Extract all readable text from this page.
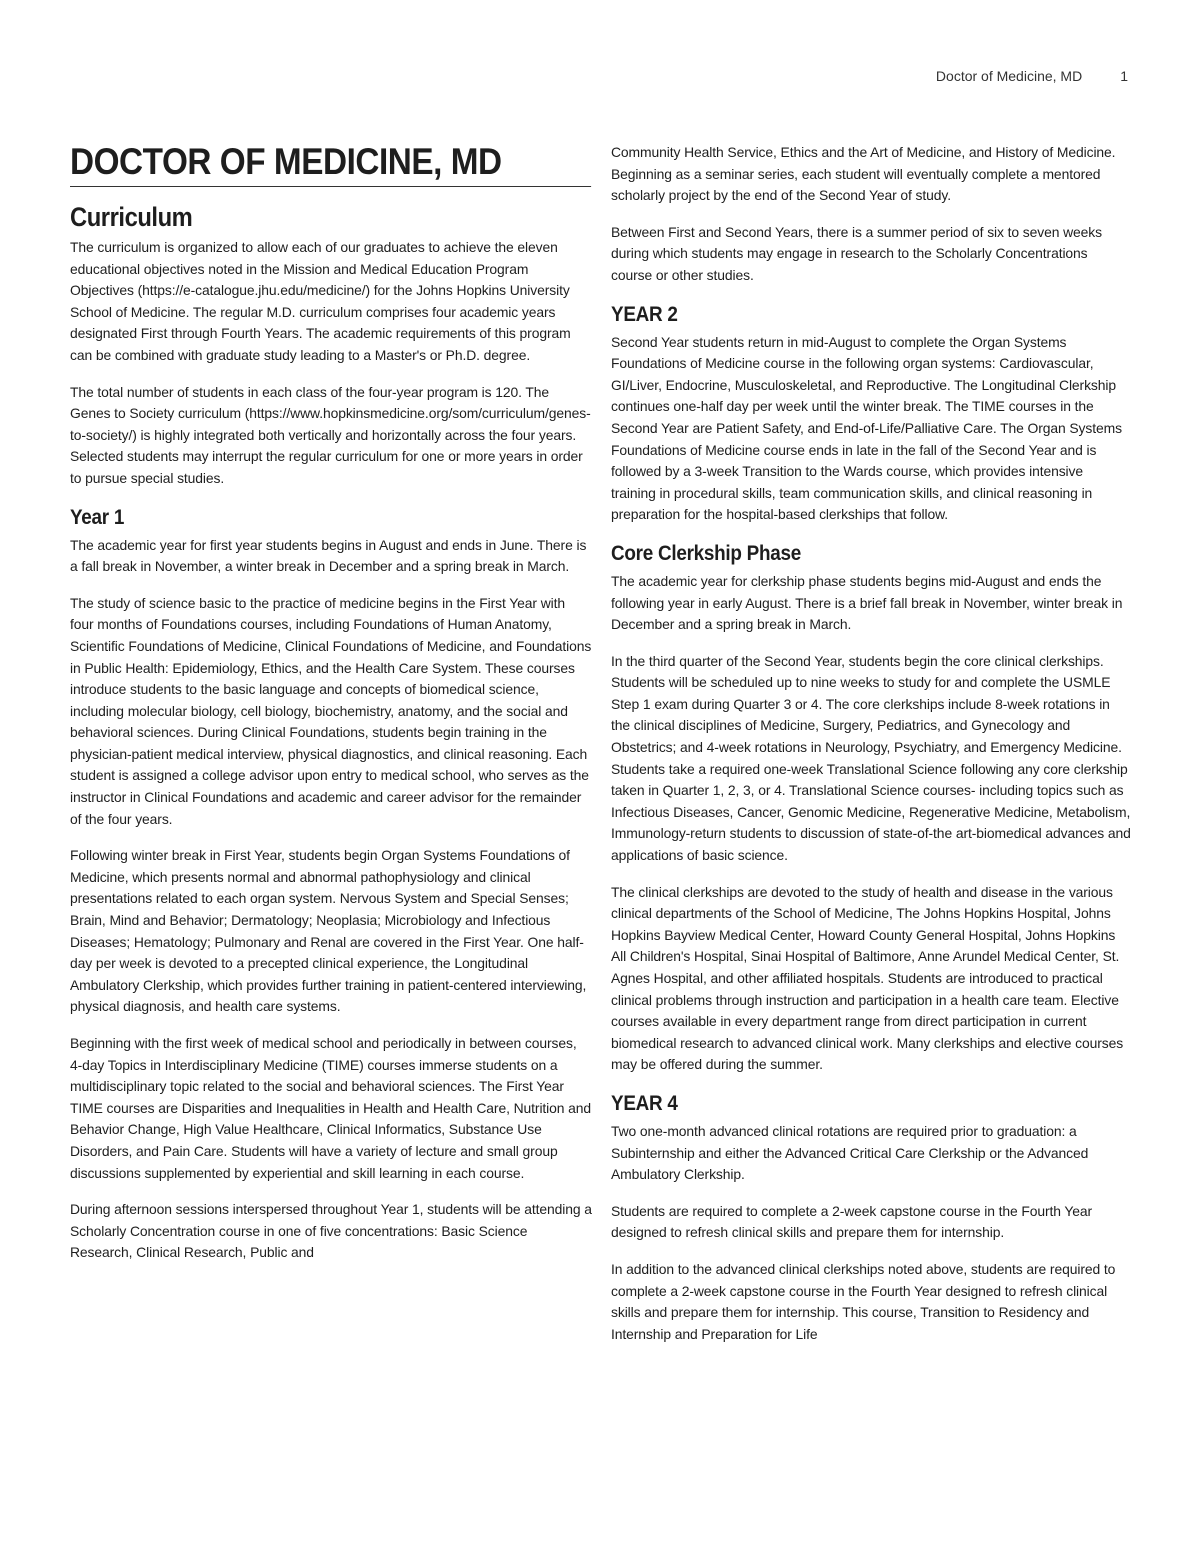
Doctor of Medicine, MD	1
DOCTOR OF MEDICINE, MD
Curriculum

The curriculum is organized to allow each of our graduates to achieve the eleven educational objectives noted in the Mission and Medical Education Program Objectives (https://e-catalogue.jhu.edu/medicine/) for the Johns Hopkins University School of Medicine. The regular M.D. curriculum comprises four academic years designated First through Fourth Years. The academic requirements of this program can be combined with graduate study leading to a Master's or Ph.D. degree.

The total number of students in each class of the four-year program is 120. The Genes to Society curriculum (https://www.hopkinsmedicine.org/som/curriculum/genes-to-society/) is highly integrated both vertically and horizontally across the four years. Selected students may interrupt the regular curriculum for one or more years in order to pursue special studies.

Year 1

The academic year for first year students begins in August and ends in June. There is a fall break in November, a winter break in December and a spring break in March.

The study of science basic to the practice of medicine begins in the First Year with four months of Foundations courses, including Foundations of Human Anatomy, Scientific Foundations of Medicine, Clinical Foundations of Medicine, and Foundations in Public Health: Epidemiology, Ethics, and the Health Care System. These courses introduce students to the basic language and concepts of biomedical science, including molecular biology, cell biology, biochemistry, anatomy, and the social and behavioral sciences. During Clinical Foundations, students begin training in the physician-patient medical interview, physical diagnostics, and clinical reasoning. Each student is assigned a college advisor upon entry to medical school, who serves as the instructor in Clinical Foundations and academic and career advisor for the remainder of the four years.

Following winter break in First Year, students begin Organ Systems Foundations of Medicine, which presents normal and abnormal pathophysiology and clinical presentations related to each organ system. Nervous System and Special Senses; Brain, Mind and Behavior; Dermatology; Neoplasia; Microbiology and Infectious Diseases; Hematology; Pulmonary and Renal are covered in the First Year. One half-day per week is devoted to a precepted clinical experience, the Longitudinal Ambulatory Clerkship, which provides further training in patient-centered interviewing, physical diagnosis, and health care systems.

Beginning with the first week of medical school and periodically in between courses, 4-day Topics in Interdisciplinary Medicine (TIME) courses immerse students on a multidisciplinary topic related to the social and behavioral sciences. The First Year TIME courses are Disparities and Inequalities in Health and Health Care, Nutrition and Behavior Change, High Value Healthcare, Clinical Informatics, Substance Use Disorders, and Pain Care. Students will have a variety of lecture and small group discussions supplemented by experiential and skill learning in each course.

During afternoon sessions interspersed throughout Year 1, students will be attending a Scholarly Concentration course in one of five concentrations: Basic Science Research, Clinical Research, Public and

Community Health Service, Ethics and the Art of Medicine, and History of Medicine. Beginning as a seminar series, each student will eventually complete a mentored scholarly project by the end of the Second Year of study.

Between First and Second Years, there is a summer period of six to seven weeks during which students may engage in research to the Scholarly Concentrations course or other studies.

YEAR 2

Second Year students return in mid-August to complete the Organ Systems Foundations of Medicine course in the following organ systems: Cardiovascular, GI/Liver, Endocrine, Musculoskeletal, and Reproductive. The Longitudinal Clerkship continues one-half day per week until the winter break. The TIME courses in the Second Year are Patient Safety, and End-of-Life/Palliative Care. The Organ Systems Foundations of Medicine course ends in late in the fall of the Second Year and is followed by a 3-week Transition to the Wards course, which provides intensive training in procedural skills, team communication skills, and clinical reasoning in preparation for the hospital-based clerkships that follow.

Core Clerkship Phase

The academic year for clerkship phase students begins mid-August and ends the following year in early August. There is a brief fall break in November, winter break in December and a spring break in March.

In the third quarter of the Second Year, students begin the core clinical clerkships. Students will be scheduled up to nine weeks to study for and complete the USMLE Step 1 exam during Quarter 3 or 4. The core clerkships include 8-week rotations in the clinical disciplines of Medicine, Surgery, Pediatrics, and Gynecology and Obstetrics; and 4-week rotations in Neurology, Psychiatry, and Emergency Medicine. Students take a required one-week Translational Science following any core clerkship taken in Quarter 1, 2, 3, or 4. Translational Science courses- including topics such as Infectious Diseases, Cancer, Genomic Medicine, Regenerative Medicine, Metabolism, Immunology-return students to discussion of state-of-the art-biomedical advances and applications of basic science.

The clinical clerkships are devoted to the study of health and disease in the various clinical departments of the School of Medicine, The Johns Hopkins Hospital, Johns Hopkins Bayview Medical Center, Howard County General Hospital, Johns Hopkins All Children's Hospital, Sinai Hospital of Baltimore, Anne Arundel Medical Center, St. Agnes Hospital, and other affiliated hospitals. Students are introduced to practical clinical problems through instruction and participation in a health care team. Elective courses available in every department range from direct participation in current biomedical research to advanced clinical work. Many clerkships and elective courses may be offered during the summer.

YEAR 4

Two one-month advanced clinical rotations are required prior to graduation: a Subinternship and either the Advanced Critical Care Clerkship or the Advanced Ambulatory Clerkship.

Students are required to complete a 2-week capstone course in the Fourth Year designed to refresh clinical skills and prepare them for internship.

In addition to the advanced clinical clerkships noted above, students are required to complete a 2-week capstone course in the Fourth Year designed to refresh clinical skills and prepare them for internship. This course, Transition to Residency and Internship and Preparation for Life
